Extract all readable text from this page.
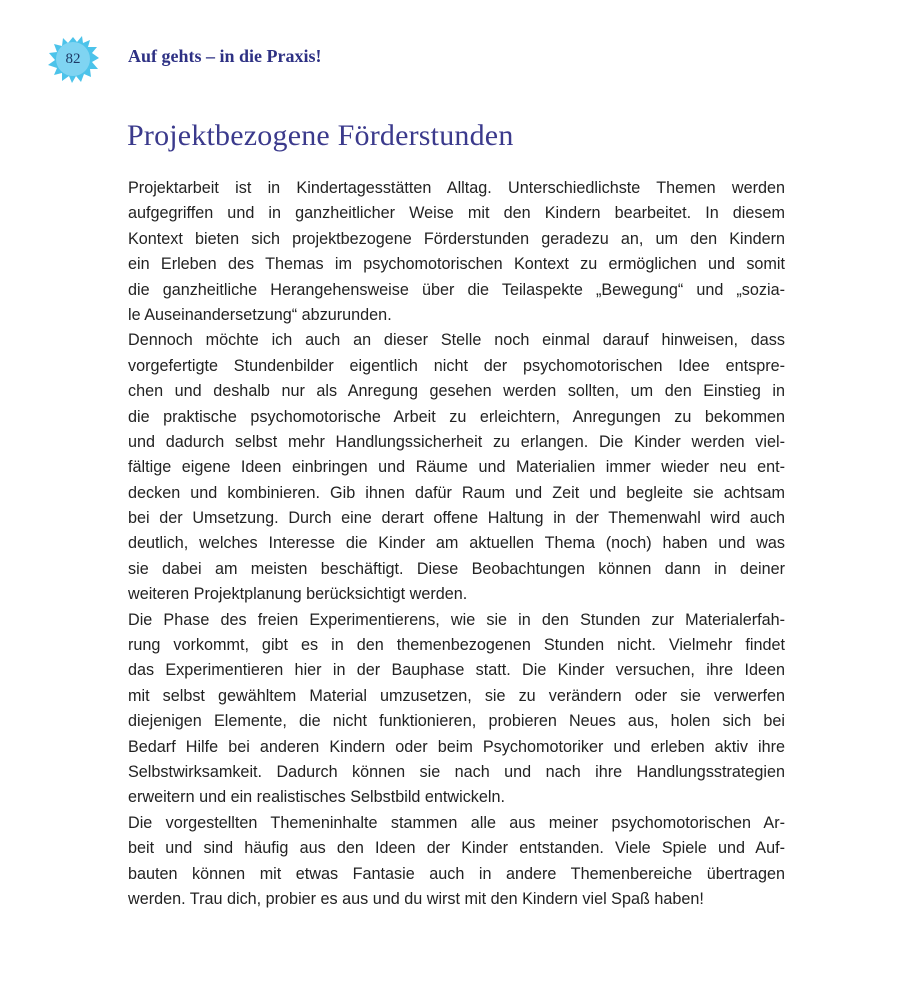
82	Auf gehts – in die Praxis!
Projektbezogene Förderstunden
Projektarbeit ist in Kindertagesstätten Alltag. Unterschiedlichste Themen werden
aufgegriffen und in ganzheitlicher Weise mit den Kindern bearbeitet. In diesem
Kontext bieten sich projektbezogene Förderstunden geradezu an, um den Kindern
ein Erleben des Themas im psychomotorischen Kontext zu ermöglichen und somit
die ganzheitliche Herangehensweise über die Teilaspekte „Bewegung“ und „sozia-
le Auseinandersetzung“ abzurunden.
Dennoch möchte ich auch an dieser Stelle noch einmal darauf hinweisen, dass
vorgefertigte Stundenbilder eigentlich nicht der psychomotorischen Idee entspre-
chen und deshalb nur als Anregung gesehen werden sollten, um den Einstieg in
die praktische psychomotorische Arbeit zu erleichtern, Anregungen zu bekommen
und dadurch selbst mehr Handlungssicherheit zu erlangen. Die Kinder werden viel-
fältige eigene Ideen einbringen und Räume und Materialien immer wieder neu ent-
decken und kombinieren. Gib ihnen dafür Raum und Zeit und begleite sie achtsam
bei der Umsetzung. Durch eine derart offene Haltung in der Themenwahl wird auch
deutlich, welches Interesse die Kinder am aktuellen Thema (noch) haben und was
sie dabei am meisten beschäftigt. Diese Beobachtungen können dann in deiner
weiteren Projektplanung berücksichtigt werden.
Die Phase des freien Experimentierens, wie sie in den Stunden zur Materialerfah-
rung vorkommt, gibt es in den themenbezogenen Stunden nicht. Vielmehr findet
das Experimentieren hier in der Bauphase statt. Die Kinder versuchen, ihre Ideen
mit selbst gewähltem Material umzusetzen, sie zu verändern oder sie verwerfen
diejenigen Elemente, die nicht funktionieren, probieren Neues aus, holen sich bei
Bedarf Hilfe bei anderen Kindern oder beim Psychomotoriker und erleben aktiv ihre
Selbstwirksamkeit. Dadurch können sie nach und nach ihre Handlungsstrategien
erweitern und ein realistisches Selbstbild entwickeln.
Die vorgestellten Themeninhalte stammen alle aus meiner psychomotorischen Ar-
beit und sind häufig aus den Ideen der Kinder entstanden. Viele Spiele und Auf-
bauten können mit etwas Fantasie auch in andere Themenbereiche übertragen
werden. Trau dich, probier es aus und du wirst mit den Kindern viel Spaß haben!
